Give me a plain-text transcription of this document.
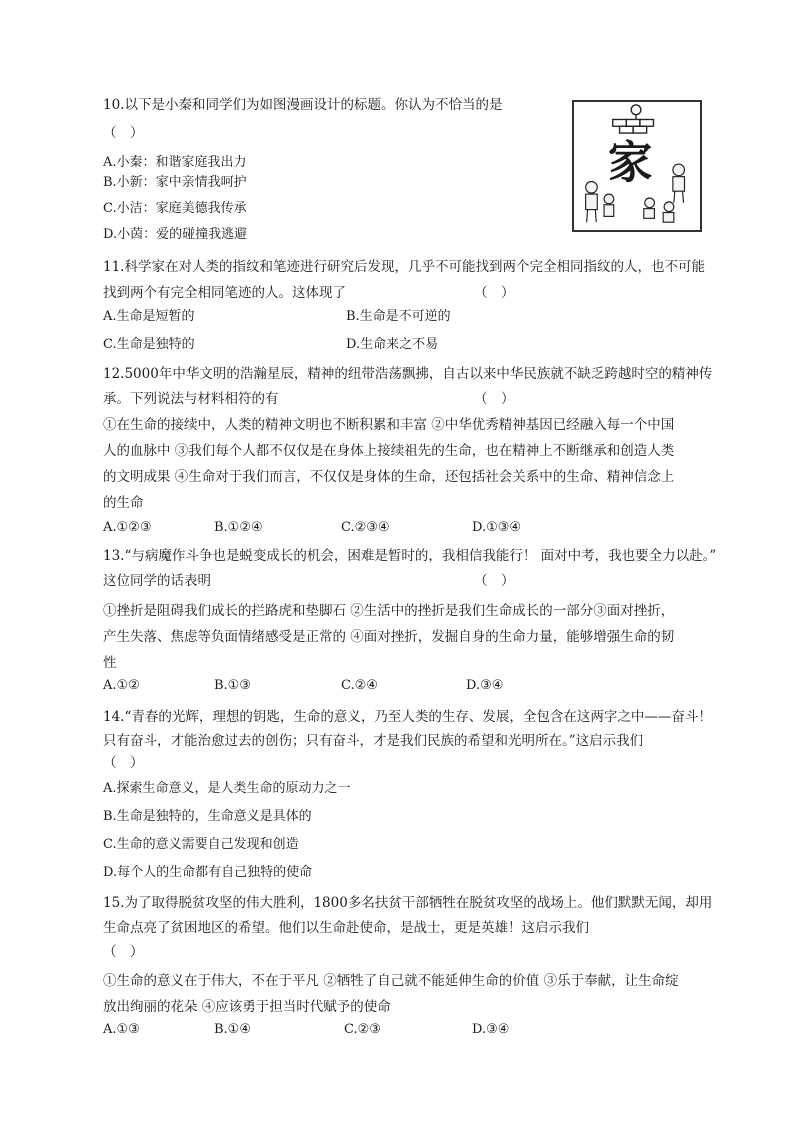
10.以下是小秦和同学们为如图漫画设计的标题。你认为不恰当的是
（　）
A.小秦：和谐家庭我出力
B.小新：家中亲情我呵护
C.小洁：家庭美德我传承
D.小茵：爱的碰撞我逃避
家
11.科学家在对人类的指纹和笔迹进行研究后发现，几乎不可能找到两个完全相同指纹的人，也不可能
找到两个有完全相同笔迹的人。这体现了	（　）
A.生命是短暂的	B.生命是不可逆的
C.生命是独特的	D.生命来之不易
12.5000年中华文明的浩瀚星辰，精神的纽带浩荡飘拂，自古以来中华民族就不缺乏跨越时空的精神传
承。下列说法与材料相符的有	（　）
①在生命的接续中，人类的精神文明也不断积累和丰富 ②中华优秀精神基因已经融入每一个中国
人的血脉中 ③我们每个人都不仅仅是在身体上接续祖先的生命，也在精神上不断继承和创造人类
的文明成果 ④生命对于我们而言，不仅仅是身体的生命，还包括社会关系中的生命、精神信念上
的生命
A.①②③	B.①②④	C.②③④	D.①③④
13.“与病魔作斗争也是蜕变成长的机会，困难是暂时的，我相信我能行！ 面对中考，我也要全力以赴。”
这位同学的话表明	（　）
①挫折是阻碍我们成长的拦路虎和垫脚石 ②生活中的挫折是我们生命成长的一部分③面对挫折，
产生失落、焦虑等负面情绪感受是正常的 ④面对挫折，发掘自身的生命力量，能够增强生命的韧
性
A.①②	B.①③	C.②④	D.③④
14.“青春的光辉，理想的钥匙，生命的意义，乃至人类的生存、发展，全包含在这两字之中——奋斗！
只有奋斗，才能治愈过去的创伤；只有奋斗，才是我们民族的希望和光明所在。”这启示我们
（　）
A.探索生命意义，是人类生命的原动力之一
B.生命是独特的，生命意义是具体的
C.生命的意义需要自己发现和创造
D.每个人的生命都有自己独特的使命
15.为了取得脱贫攻坚的伟大胜利，1800多名扶贫干部牺牲在脱贫攻坚的战场上。他们默默无闻，却用
生命点亮了贫困地区的希望。他们以生命赴使命，是战士，更是英雄！这启示我们
（　）
①生命的意义在于伟大，不在于平凡 ②牺牲了自己就不能延伸生命的价值 ③乐于奉献，让生命绽
放出绚丽的花朵 ④应该勇于担当时代赋予的使命
A.①③	B.①④	C.②③	D.③④
